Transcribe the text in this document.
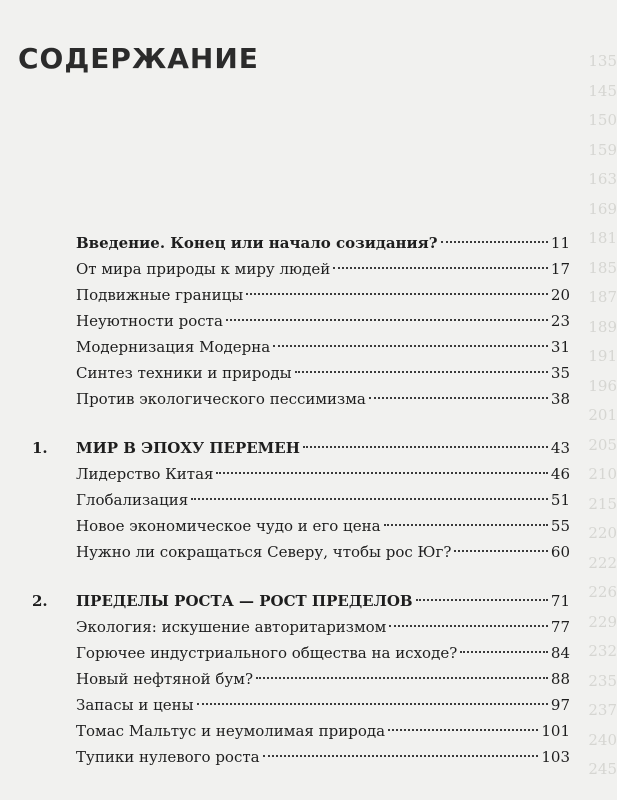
135
145
150
159
163
169
181
185
187
189
191
196
201
205
210
215
220
222
226
229
232
235
237
240
245
СОДЕРЖАНИЕ
Введение. Конец или начало созидания?	11
От мира природы к миру людей	17
Подвижные границы	20
Неуютности роста	23
Модернизация Модерна	31
Синтез техники и природы	35
Против экологического пессимизма	38
1.	МИР В ЭПОХУ ПЕРЕМЕН	43
Лидерство Китая	46
Глобализация	51
Новое экономическое чудо и его цена	55
Нужно ли сокращаться Северу, чтобы рос Юг?	60
2.	ПРЕДЕЛЫ РОСТА — РОСТ ПРЕДЕЛОВ	71
Экология: искушение авторитаризмом	77
Горючее индустриального общества на исходе?	84
Новый нефтяной бум?	88
Запасы и цены	97
Томас Мальтус и неумолимая природа	101
Тупики нулевого роста	103
